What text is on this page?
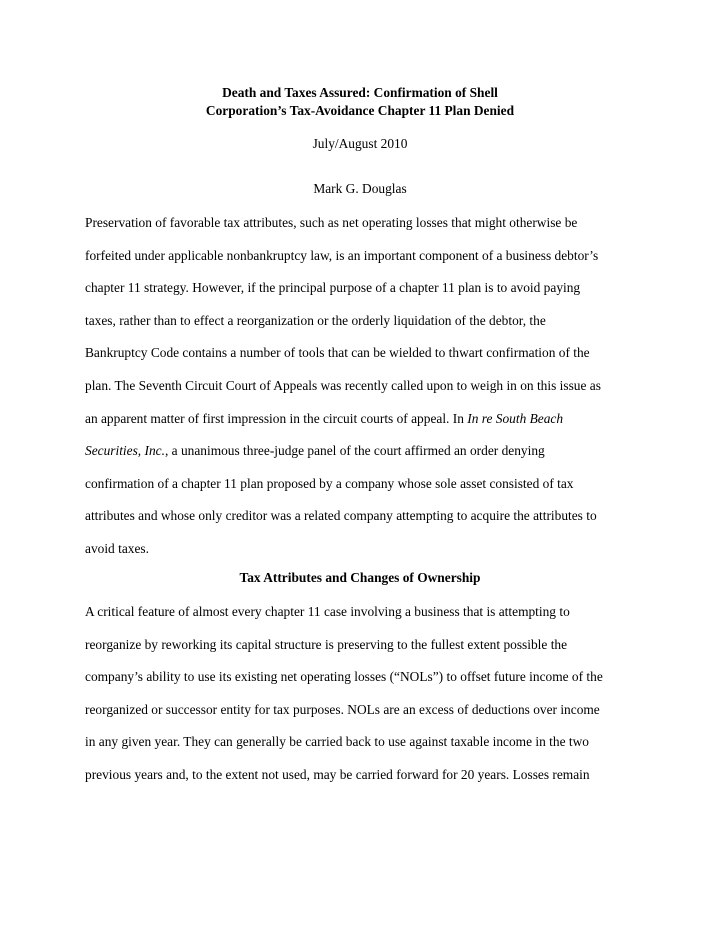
Death and Taxes Assured: Confirmation of Shell
Corporation’s Tax-Avoidance Chapter 11 Plan Denied
July/August 2010
Mark G. Douglas
Preservation of favorable tax attributes, such as net operating losses that might otherwise be
forfeited under applicable nonbankruptcy law, is an important component of a business debtor’s
chapter 11 strategy. However, if the principal purpose of a chapter 11 plan is to avoid paying
taxes, rather than to effect a reorganization or the orderly liquidation of the debtor, the
Bankruptcy Code contains a number of tools that can be wielded to thwart confirmation of the
plan. The Seventh Circuit Court of Appeals was recently called upon to weigh in on this issue as
an apparent matter of first impression in the circuit courts of appeal. In In re South Beach
Securities, Inc., a unanimous three-judge panel of the court affirmed an order denying
confirmation of a chapter 11 plan proposed by a company whose sole asset consisted of tax
attributes and whose only creditor was a related company attempting to acquire the attributes to
avoid taxes.
Tax Attributes and Changes of Ownership
A critical feature of almost every chapter 11 case involving a business that is attempting to
reorganize by reworking its capital structure is preserving to the fullest extent possible the
company’s ability to use its existing net operating losses (“NOLs”) to offset future income of the
reorganized or successor entity for tax purposes. NOLs are an excess of deductions over income
in any given year. They can generally be carried back to use against taxable income in the two
previous years and, to the extent not used, may be carried forward for 20 years. Losses remain
